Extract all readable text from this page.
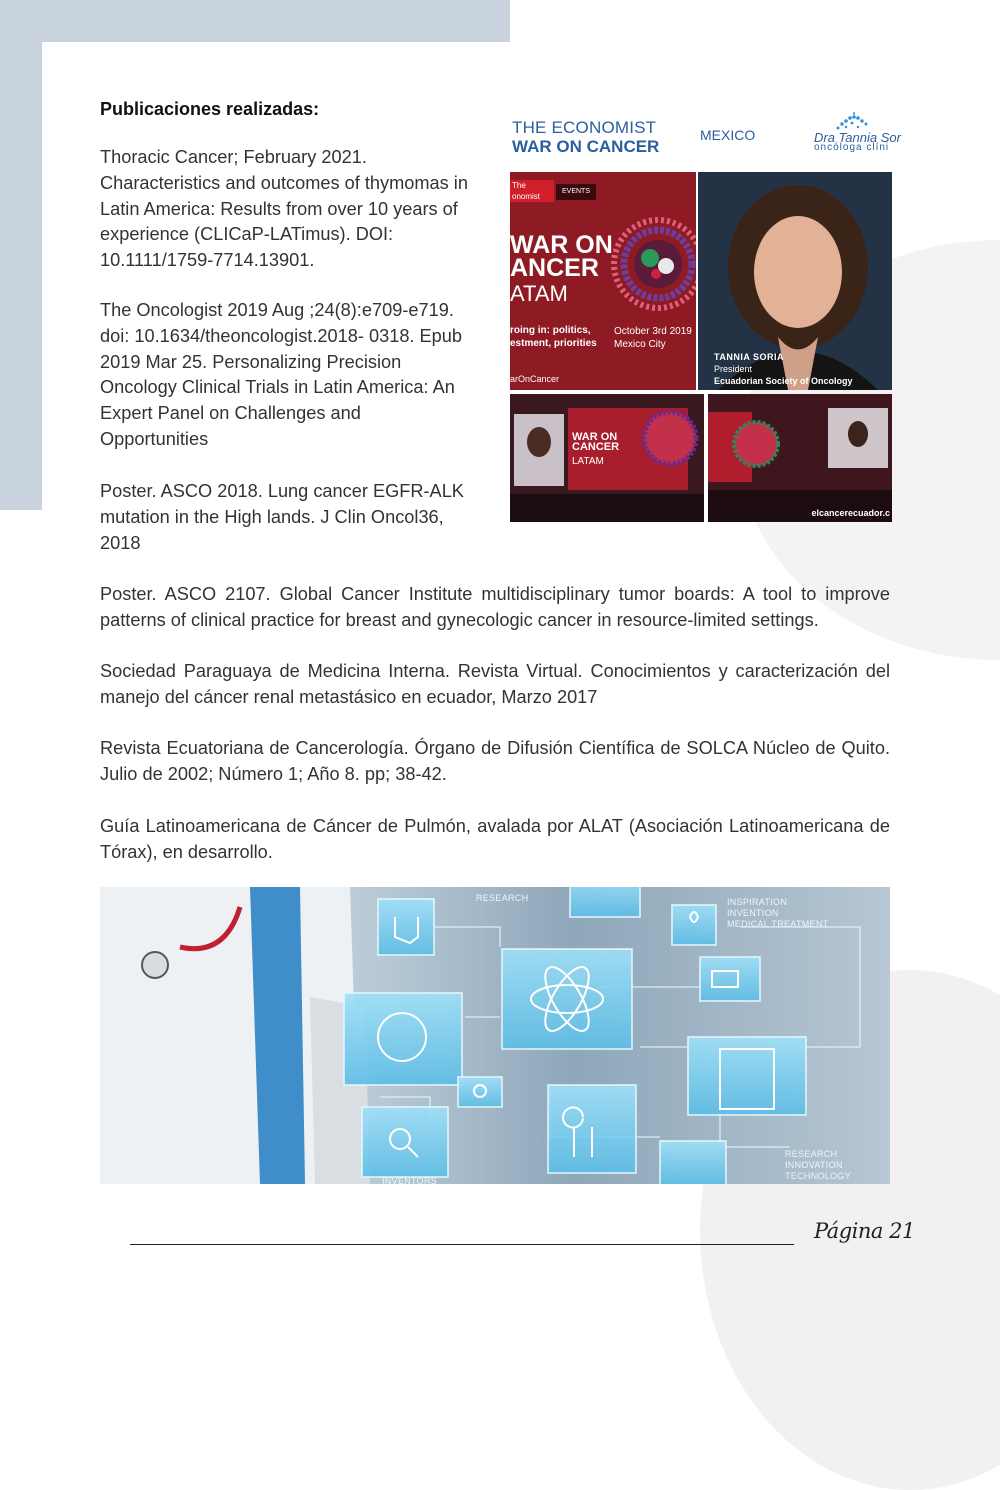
Publicaciones realizadas:

Thoracic Cancer; February 2021. Characteristics and outcomes of thymomas in Latin America: Results from over 10 years of experience (CLICaP-LATimus). DOI: 10.1111/1759-7714.13901.

The Oncologist 2019 Aug ;24(8):e709-e719. doi: 10.1634/theoncologist.2018- 0318. Epub 2019 Mar 25. Personalizing Precision Oncology Clinical Trials in Latin America: An Expert Panel on Challenges and Opportunities

Poster. ASCO 2018. Lung cancer EGFR-ALK mutation in the High lands. J Clin Oncol36, 2018

THE ECONOMIST
WAR ON CANCER
MEXICO	Dra Tannia Sor
oncóloga clíni
The
onomist
EVENTS
WAR ON
ANCER
ATAM
roing in: politics,
estment, priorities
October 3rd 2019
Mexico City
arOnCancer
TANNIA SORIA
President
Ecuadorian Society of Oncology
WAR ON
CANCER
LATAM
elcancerecuador.c

Poster. ASCO 2107. Global Cancer Institute multidisciplinary tumor boards: A tool to improve patterns of clinical practice for breast and gynecologic cancer in resource-limited settings.

Sociedad Paraguaya de Medicina Interna. Revista Virtual. Conocimientos y caracterización del manejo del cáncer renal metastásico en ecuador, Marzo 2017

Revista Ecuatoriana de Cancerología. Órgano de Difusión Científica de SOLCA Núcleo de Quito. Julio de 2002; Número 1; Año 8. pp; 38-42.

Guía Latinoamericana de Cáncer de Pulmón, avalada por ALAT (Asociación Latinoamericana de Tórax), en desarrollo.

RESEARCH	INSPIRATION
INVENTION
MEDICAL TREATMENT
RESEARCH
INNOVATION
TECHNOLOGY
INVENTORS
Página 21
